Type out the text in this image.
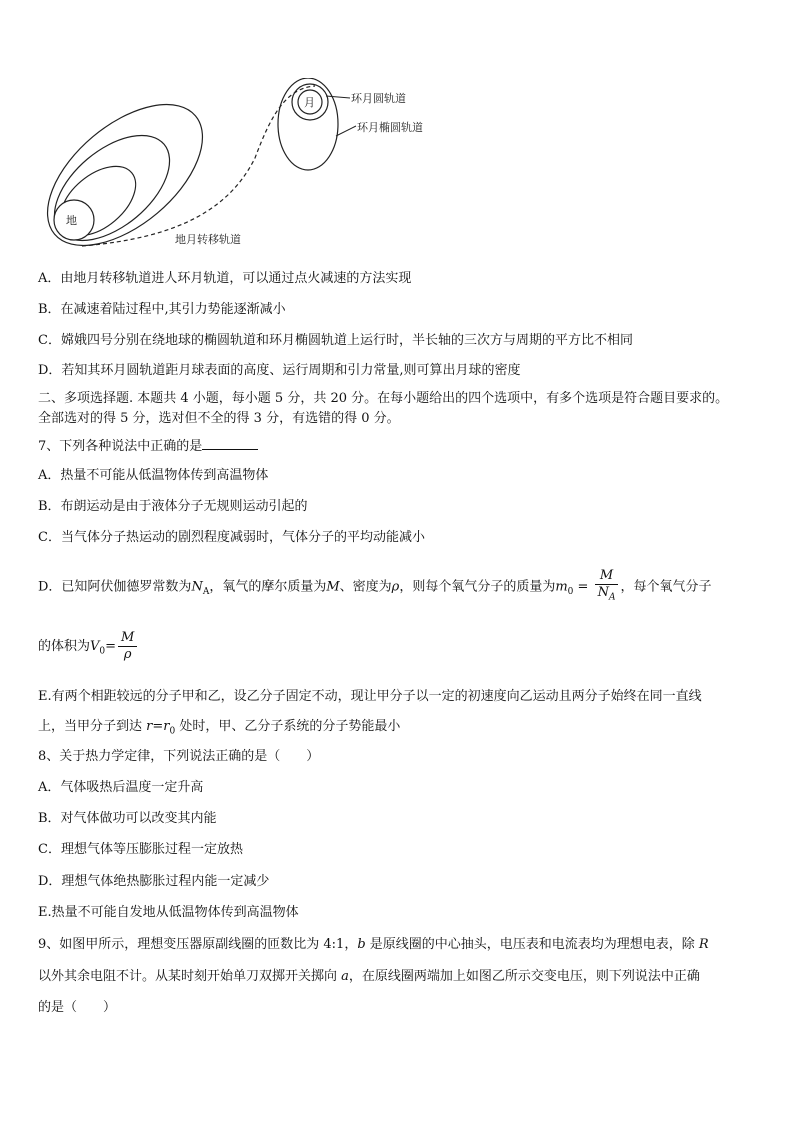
地
月	环月圆轨道
环月椭圆轨道
地月转移轨道
A．由地月转移轨道进人环月轨道，可以通过点火减速的方法实现
B．在减速着陆过程中,其引力势能逐渐减小
C．嫦娥四号分别在绕地球的椭圆轨道和环月椭圆轨道上运行时，半长轴的三次方与周期的平方比不相同
D．若知其环月圆轨道距月球表面的高度、运行周期和引力常量,则可算出月球的密度
二、多项选择题. 本题共 4 小题，每小题 5 分，共 20 分。在每小题给出的四个选项中，有多个选项是符合题目要求的。
全部选对的得 5 分，选对但不全的得 3 分，有选错的得 0 分。
7、下列各种说法中正确的是
A．热量不可能从低温物体传到高温物体
B．布朗运动是由于液体分子无规则运动引起的
C．当气体分子热运动的剧烈程度减弱时，气体分子的平均动能减小
D．已知阿伏伽德罗常数为$N_A$，氧气的摩尔质量为M、密度为ρ，则每个氧气分子的质量为$m_0 = \frac{M}{N_A}$ ，每个氧气分子
的体积为$V_0= \frac{M}{\rho}$
E.有两个相距较远的分子甲和乙，设乙分子固定不动，现让甲分子以一定的初速度向乙运动且两分子始终在同一直线
上，当甲分子到达 $r=r_0$ 处时，甲、乙分子系统的分子势能最小
8、关于热力学定律，下列说法正确的是（　　）
A．气体吸热后温度一定升高
B．对气体做功可以改变其内能
C．理想气体等压膨胀过程一定放热
D．理想气体绝热膨胀过程内能一定减少
E.热量不可能自发地从低温物体传到高温物体
9、如图甲所示，理想变压器原副线圈的匝数比为 4:1，b 是原线圈的中心抽头，电压表和电流表均为理想电表，除 R
以外其余电阻不计。从某时刻开始单刀双掷开关掷向 a，在原线圈两端加上如图乙所示交变电压，则下列说法中正确
的是（　　）
